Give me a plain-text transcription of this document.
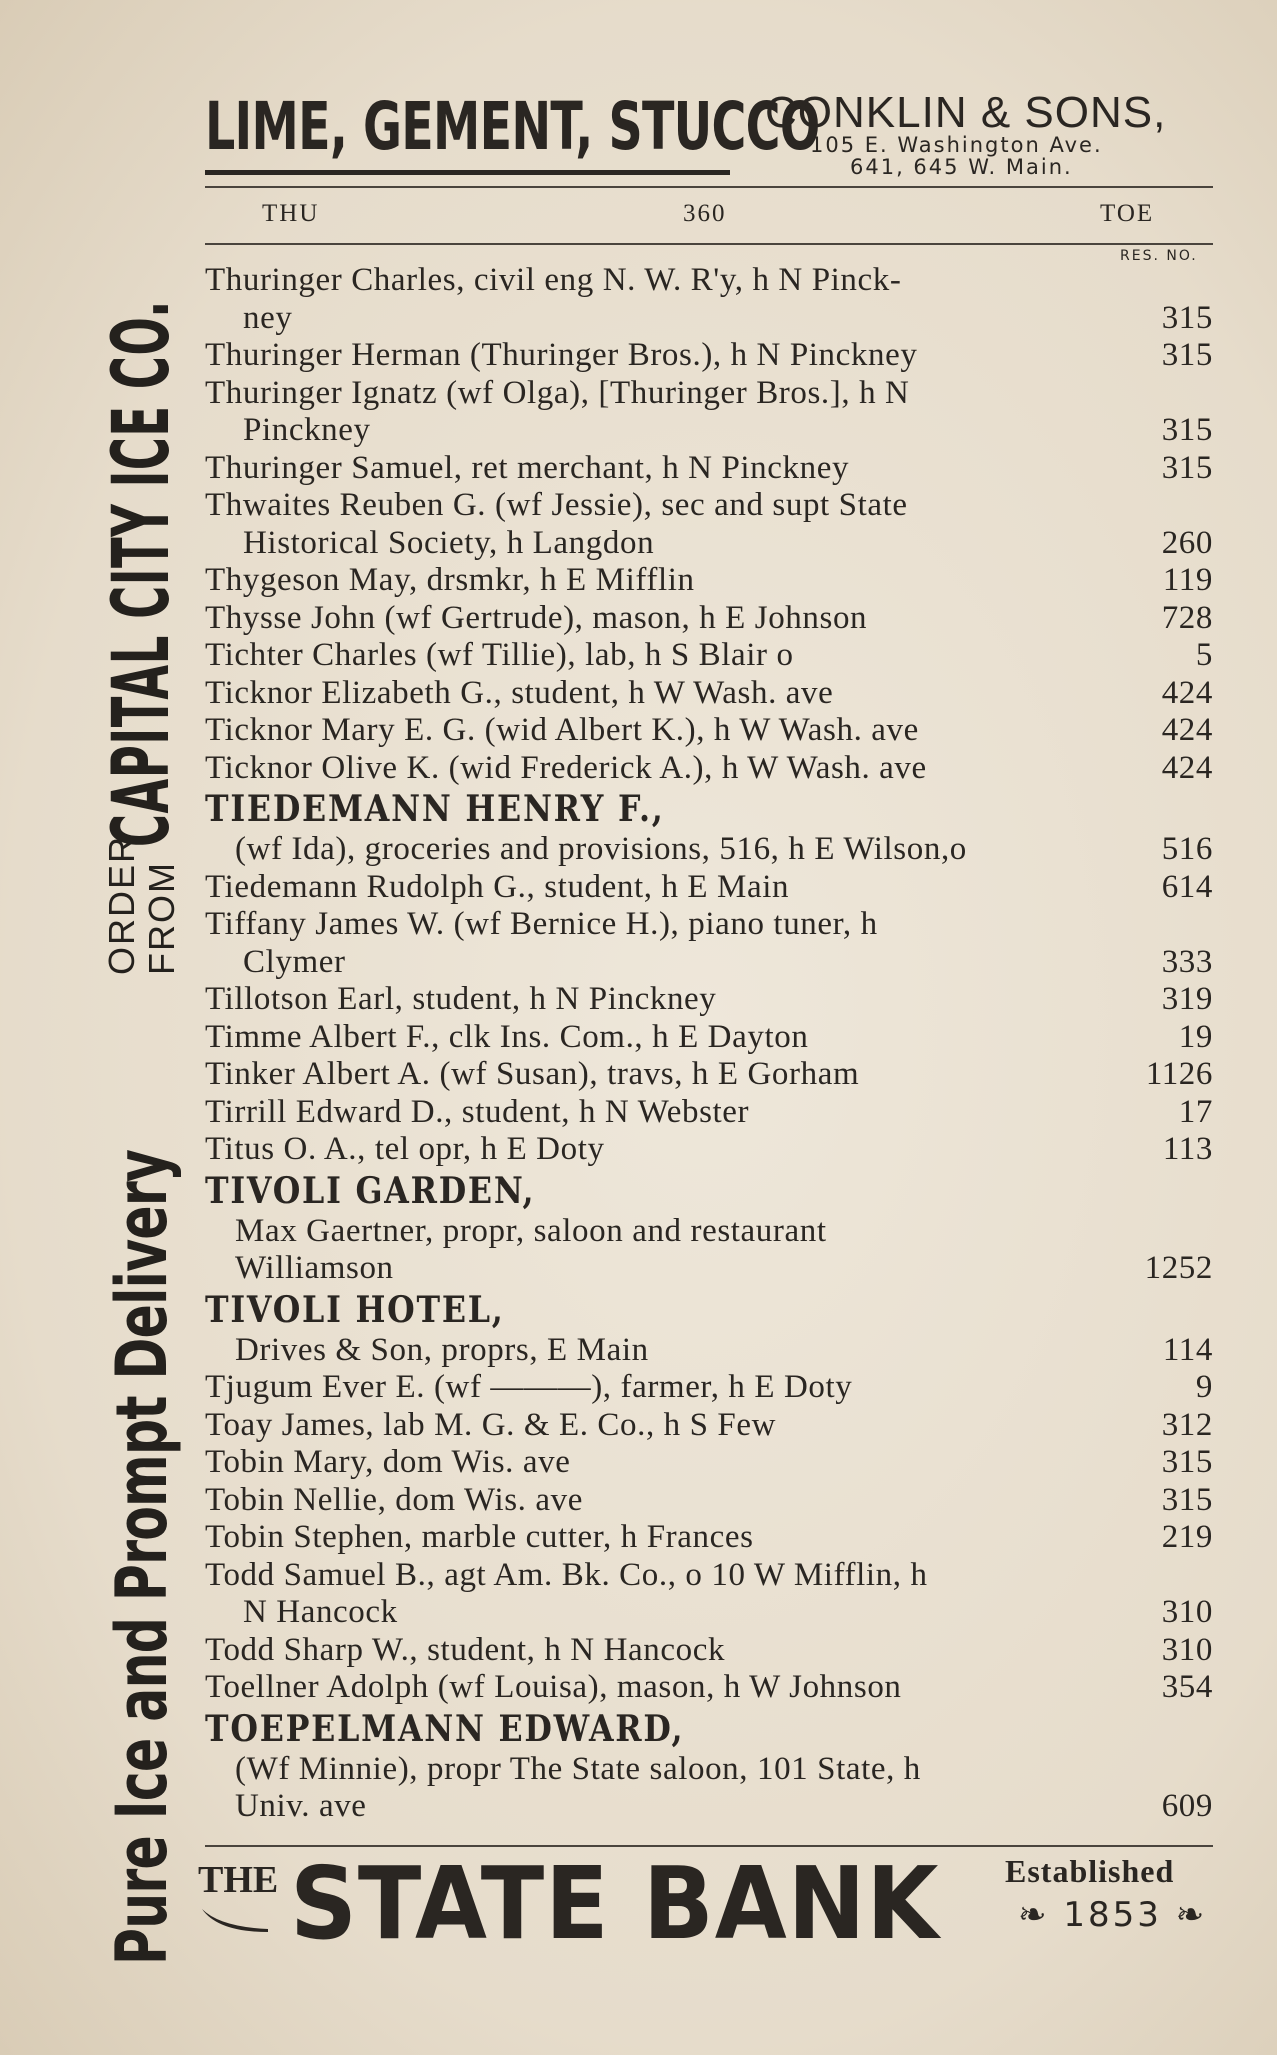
Pure Ice and Prompt Delivery
ORDER FROM
CAPITAL CITY ICE CO.
LIME, GEMENT, STUCCO
CONKLIN & SONS,
105 E. Washington Ave.
641, 645 W. Main.
THU	360	TOE
RES. NO.
Thuringer Charles, civil eng N. W. R'y, h N Pinck-
ney	315
Thuringer Herman (Thuringer Bros.), h N Pinckney	315
Thuringer Ignatz (wf Olga), [Thuringer Bros.], h N
Pinckney	315
Thuringer Samuel, ret merchant, h N Pinckney	315
Thwaites Reuben G. (wf Jessie), sec and supt State
Historical Society, h Langdon	260
Thygeson May, drsmkr, h E Mifflin	119
Thysse John (wf Gertrude), mason, h E Johnson	728
Tichter Charles (wf Tillie), lab, h S Blair o	5
Ticknor Elizabeth G., student, h W Wash. ave	424
Ticknor Mary E. G. (wid Albert K.), h W Wash. ave	424
Ticknor Olive K. (wid Frederick A.), h W Wash. ave	424
TIEDEMANN HENRY F.,
(wf Ida), groceries and provisions, 516, h E Wilson,o	516
Tiedemann Rudolph G., student, h E Main	614
Tiffany James W. (wf Bernice H.), piano tuner, h
Clymer	333
Tillotson Earl, student, h N Pinckney	319
Timme Albert F., clk Ins. Com., h E Dayton	19
Tinker Albert A. (wf Susan), travs, h E Gorham	1126
Tirrill Edward D., student, h N Webster	17
Titus O. A., tel opr, h E Doty	113
TIVOLI GARDEN,
Max Gaertner, propr, saloon and restaurant
Williamson	1252
TIVOLI HOTEL,
Drives & Son, proprs, E Main	114
Tjugum Ever E. (wf ———), farmer, h E Doty	9
Toay James, lab M. G. & E. Co., h S Few	312
Tobin Mary, dom Wis. ave	315
Tobin Nellie, dom Wis. ave	315
Tobin Stephen, marble cutter, h Frances	219
Todd Samuel B., agt Am. Bk. Co., o 10 W Mifflin, h
N Hancock	310
Todd Sharp W., student, h N Hancock	310
Toellner Adolph (wf Louisa), mason, h W Johnson	354
TOEPELMANN EDWARD,
(Wf Minnie), propr The State saloon, 101 State, h
Univ. ave	609
THE STATE BANK Established
❧ 1853 ❧
